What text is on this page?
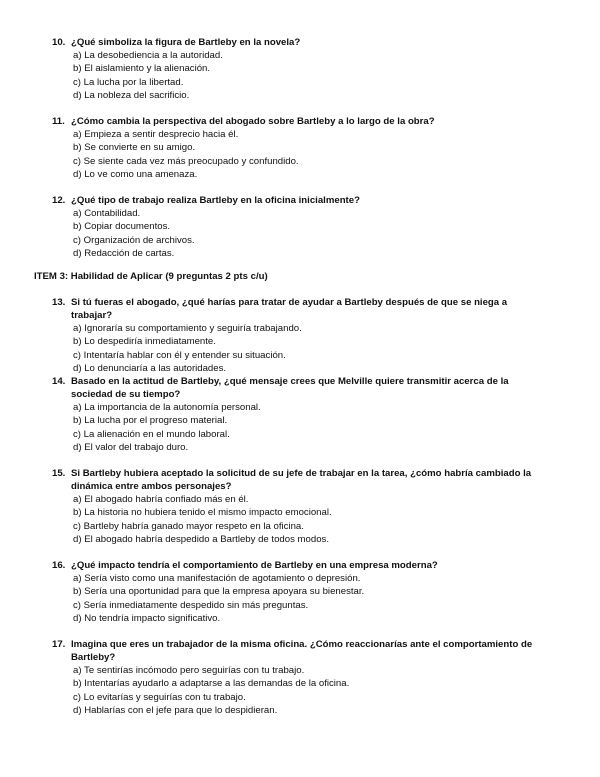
10. ¿Qué simboliza la figura de Bartleby en la novela?
a) La desobediencia a la autoridad.
b) El aislamiento y la alienación.
c) La lucha por la libertad.
d) La nobleza del sacrificio.
11. ¿Cómo cambia la perspectiva del abogado sobre Bartleby a lo largo de la obra?
a) Empieza a sentir desprecio hacia él.
b) Se convierte en su amigo.
c) Se siente cada vez más preocupado y confundido.
d) Lo ve como una amenaza.
12. ¿Qué tipo de trabajo realiza Bartleby en la oficina inicialmente?
a) Contabilidad.
b) Copiar documentos.
c) Organización de archivos.
d) Redacción de cartas.
ITEM 3: Habilidad de Aplicar (9 preguntas 2 pts c/u)
13. Si tú fueras el abogado, ¿qué harías para tratar de ayudar a Bartleby después de que se niega a trabajar?
a) Ignoraría su comportamiento y seguiría trabajando.
b) Lo despediría inmediatamente.
c) Intentaría hablar con él y entender su situación.
d) Lo denunciaría a las autoridades.
14. Basado en la actitud de Bartleby, ¿qué mensaje crees que Melville quiere transmitir acerca de la sociedad de su tiempo?
a) La importancia de la autonomía personal.
b) La lucha por el progreso material.
c) La alienación en el mundo laboral.
d) El valor del trabajo duro.
15. Si Bartleby hubiera aceptado la solicitud de su jefe de trabajar en la tarea, ¿cómo habría cambiado la dinámica entre ambos personajes?
a) El abogado habría confiado más en él.
b) La historia no hubiera tenido el mismo impacto emocional.
c) Bartleby habría ganado mayor respeto en la oficina.
d) El abogado habría despedido a Bartleby de todos modos.
16. ¿Qué impacto tendría el comportamiento de Bartleby en una empresa moderna?
a) Sería visto como una manifestación de agotamiento o depresión.
b) Sería una oportunidad para que la empresa apoyara su bienestar.
c) Sería inmediatamente despedido sin más preguntas.
d) No tendría impacto significativo.
17. Imagina que eres un trabajador de la misma oficina. ¿Cómo reaccionarías ante el comportamiento de Bartleby?
a) Te sentirías incómodo pero seguirías con tu trabajo.
b) Intentarías ayudarlo a adaptarse a las demandas de la oficina.
c) Lo evitarías y seguirías con tu trabajo.
d) Hablarías con el jefe para que lo despidieran.
